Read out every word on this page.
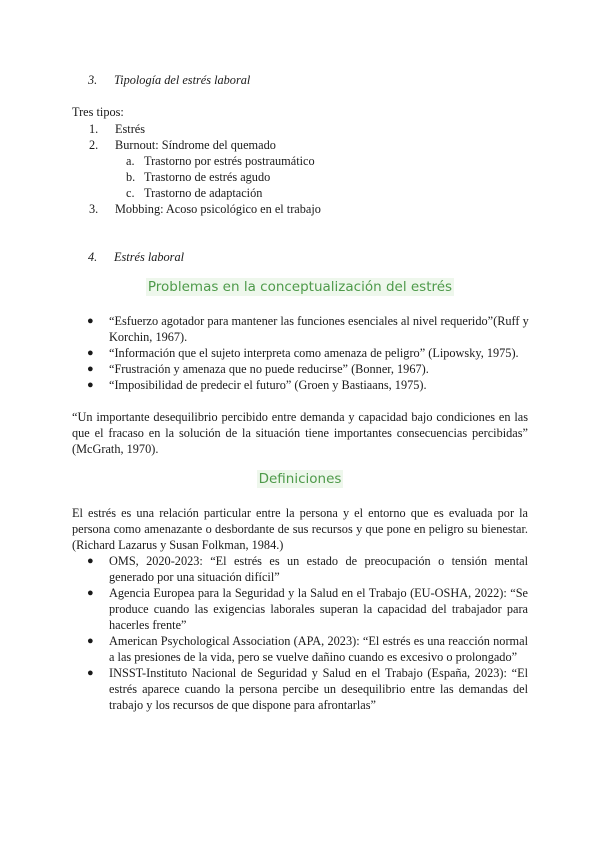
3. Tipología del estrés laboral

Tres tipos:

1. Estrés

2. Burnout: Síndrome del quemado

a. Trastorno por estrés postraumático

b. Trastorno de estrés agudo

c. Trastorno de adaptación

3. Mobbing: Acoso psicológico en el trabajo

4. Estrés laboral

Problemas en la conceptualización del estrés
● “Esfuerzo agotador para mantener las funciones esenciales al nivel requerido”(Ruff y Korchin, 1967).
● “Información que el sujeto interpreta como amenaza de peligro” (Lipowsky, 1975).
● “Frustración y amenaza que no puede reducirse” (Bonner, 1967).
● “Imposibilidad de predecir el futuro” (Groen y Bastiaans, 1975).

“Un importante desequilibrio percibido entre demanda y capacidad bajo condiciones en las que el fracaso en la solución de la situación tiene importantes consecuencias percibidas” (McGrath, 1970).

Definiciones

El estrés es una relación particular entre la persona y el entorno que es evaluada por la persona como amenazante o desbordante de sus recursos y que pone en peligro su bienestar. (Richard Lazarus y Susan Folkman, 1984.)

● OMS, 2020-2023: “El estrés es un estado de preocupación o tensión mental generado por una situación difícil”
● Agencia Europea para la Seguridad y la Salud en el Trabajo (EU-OSHA, 2022): “Se produce cuando las exigencias laborales superan la capacidad del trabajador para hacerles frente”
● American Psychological Association (APA, 2023): “El estrés es una reacción normal a las presiones de la vida, pero se vuelve dañino cuando es excesivo o prolongado”
● INSST-Instituto Nacional de Seguridad y Salud en el Trabajo (España, 2023): “El estrés aparece cuando la persona percibe un desequilibrio entre las demandas del trabajo y los recursos de que dispone para afrontarlas”
